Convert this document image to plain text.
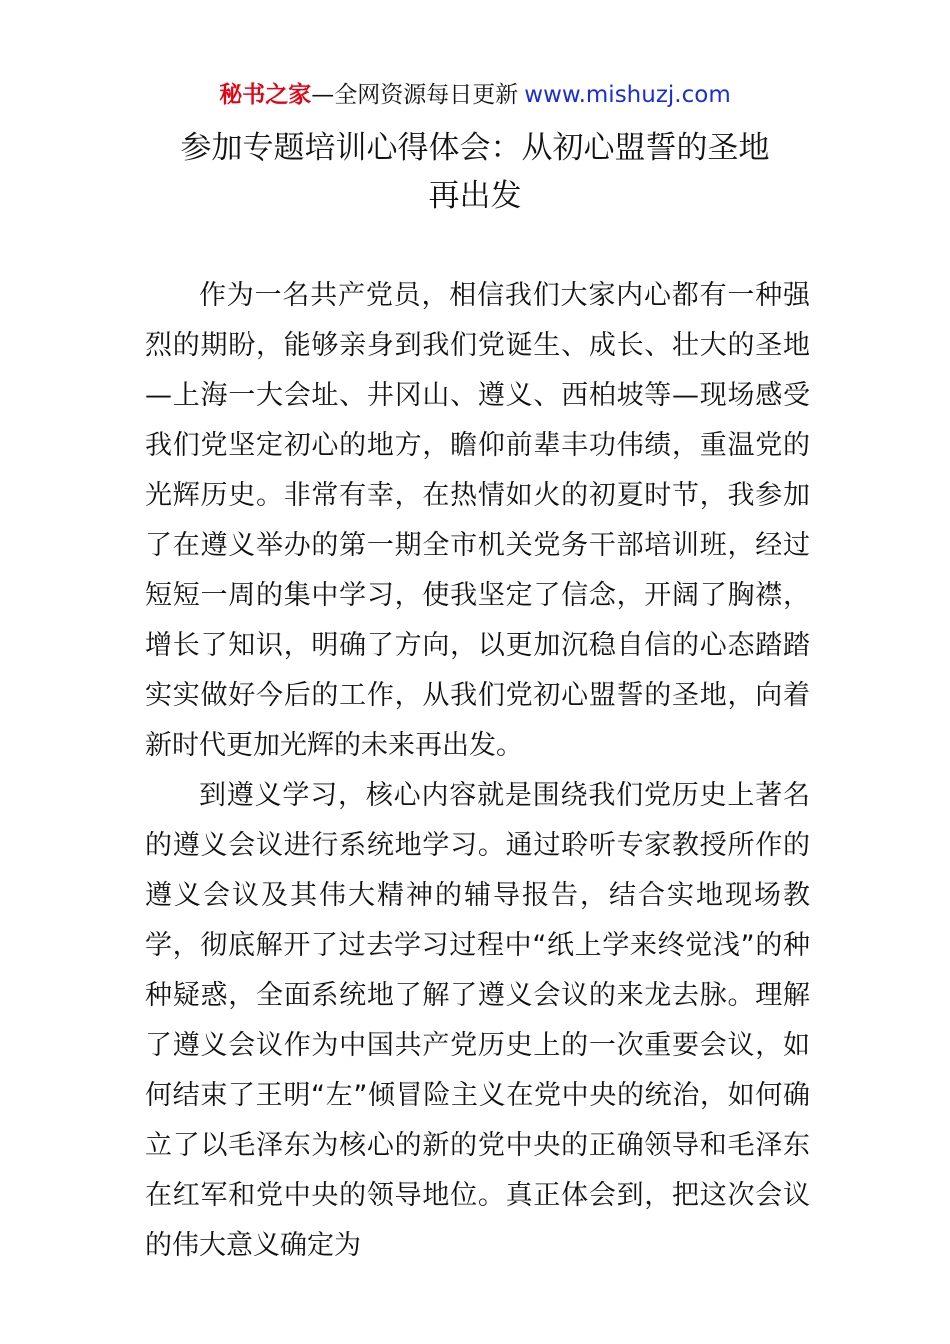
秘书之家—全网资源每日更新 www.mishuzj.com
参加专题培训心得体会：从初心盟誓的圣地
再出发

作为一名共产党员，相信我们大家内心都有一种强烈的期盼，能够亲身到我们党诞生、成长、壮大的圣地—上海一大会址、井冈山、遵义、西柏坡等—现场感受我们党坚定初心的地方，瞻仰前辈丰功伟绩，重温党的光辉历史。非常有幸，在热情如火的初夏时节，我参加了在遵义举办的第一期全市机关党务干部培训班，经过短短一周的集中学习，使我坚定了信念，开阔了胸襟，增长了知识，明确了方向，以更加沉稳自信的心态踏踏实实做好今后的工作，从我们党初心盟誓的圣地，向着新时代更加光辉的未来再出发。

到遵义学习，核心内容就是围绕我们党历史上著名的遵义会议进行系统地学习。通过聆听专家教授所作的遵义会议及其伟大精神的辅导报告，结合实地现场教学，彻底解开了过去学习过程中“纸上学来终觉浅”的种种疑惑，全面系统地了解了遵义会议的来龙去脉。理解了遵义会议作为中国共产党历史上的一次重要会议，如何结束了王明“左”倾冒险主义在党中央的统治，如何确立了以毛泽东为核心的新的党中央的正确领导和毛泽东在红军和党中央的领导地位。真正体会到，把这次会议的伟大意义确定为
